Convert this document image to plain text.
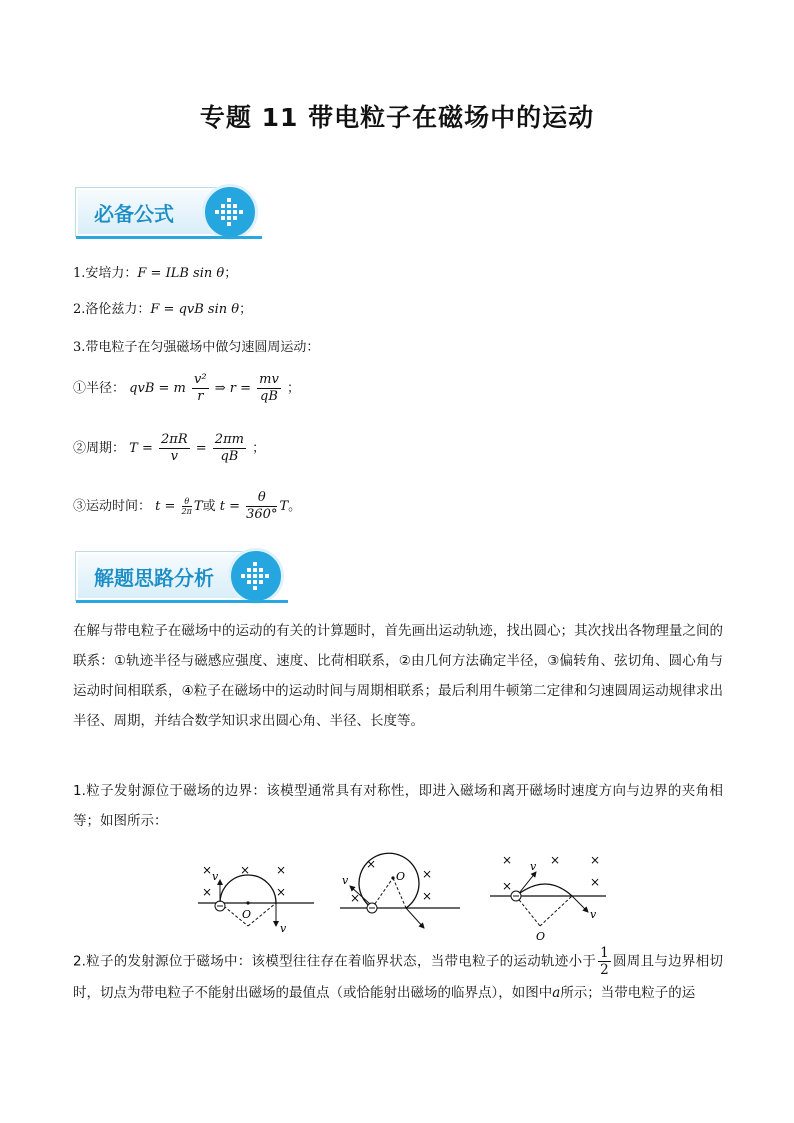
专题 11 带电粒子在磁场中的运动
必备公式
1.安培力：F = ILB sin θ；
2.洛伦兹力：F = qvB sin θ；
3.带电粒子在匀强磁场中做匀速圆周运动：
①半径： qvB = m $\frac{\text{v²}}{r}$ ⇒ $r = \frac{mv}{qB}$ ；
②周期： $T = \frac{2\pi R}{v} = \frac{2\pi m}{qB}$ ；
③运动时间： $t = \frac{\theta}{2\pi}$ T或 $t = \frac{\theta}{360^\circ}$ T。
解题思路分析
在解与带电粒子在磁场中的运动的有关的计算题时，首先画出运动轨迹，找出圆心；其次找出各物理量之间的联系：①轨迹半径与磁感应强度、速度、比荷相联系，②由几何方法确定半径，③偏转角、弦切角、圆心角与运动时间相联系，④粒子在磁场中的运动时间与周期相联系；最后利用牛顿第二定律和匀速圆周运动规律求出半径、周期，并结合数学知识求出圆心角、半径、长度等。
1.粒子发射源位于磁场的边界：该模型通常具有对称性，即进入磁场和离开磁场时速度方向与边界的夹角相等；如图所示：
v
v
O
×
×
× ×
×
v	O
×
×
×
×
v
v
O
×
×
× ×
×
2.粒子的发射源位于磁场中：该模型往往存在着临界状态，当带电粒子的运动轨迹小于 $\frac{1}{2}$ 圆周且与边界相切时，切点为带电粒子不能射出磁场的最值点（或恰能射出磁场的临界点），如图中a所示；当带电粒子的运
